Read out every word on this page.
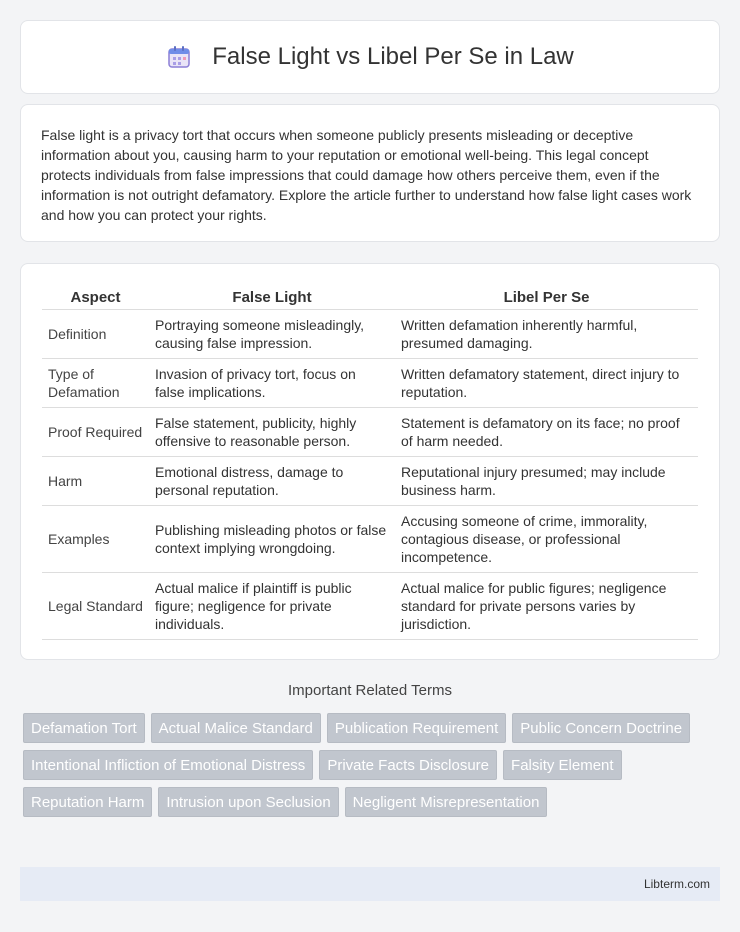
False Light vs Libel Per Se in Law

False light is a privacy tort that occurs when someone publicly presents misleading or deceptive information about you, causing harm to your reputation or emotional well-being. This legal concept protects individuals from false impressions that could damage how others perceive them, even if the information is not outright defamatory. Explore the article further to understand how false light cases work and how you can protect your rights.

Aspect	False Light	Libel Per Se
Definition	Portraying someone misleadingly, causing false impression.	Written defamation inherently harmful, presumed damaging.
Type of Defamation	Invasion of privacy tort, focus on false implications.	Written defamatory statement, direct injury to reputation.
Proof Required	False statement, publicity, highly offensive to reasonable person.	Statement is defamatory on its face; no proof of harm needed.
Harm	Emotional distress, damage to personal reputation.	Reputational injury presumed; may include business harm.
Examples	Publishing misleading photos or false context implying wrongdoing.	Accusing someone of crime, immorality, contagious disease, or professional incompetence.
Legal Standard	Actual malice if plaintiff is public figure; negligence for private individuals.	Actual malice for public figures; negligence standard for private persons varies by jurisdiction.
Important Related Terms
Defamation Tort	Actual Malice Standard	Publication Requirement	Public Concern Doctrine
Intentional Infliction of Emotional Distress	Private Facts Disclosure	Falsity Element
Reputation Harm	Intrusion upon Seclusion	Negligent Misrepresentation
Libterm.com
